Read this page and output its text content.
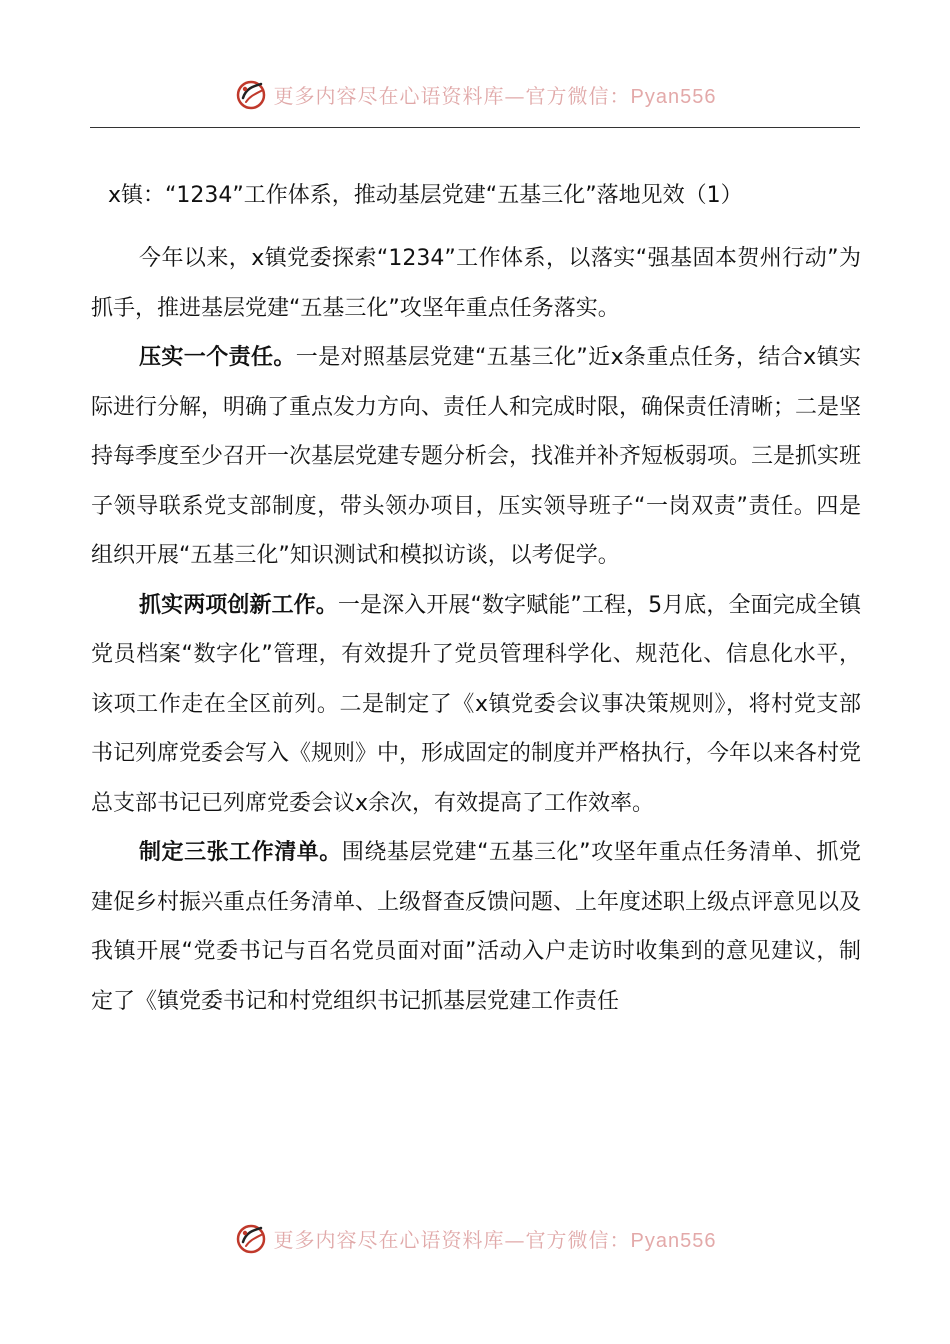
更多内容尽在心语资料库—官方微信：Pyan556
x镇：“1234”工作体系，推动基层党建“五基三化”落地见效（1）

今年以来，x镇党委探索“1234”工作体系，以落实“强基固本贺州行动”为抓手，推进基层党建“五基三化”攻坚年重点任务落实。

压实一个责任。一是对照基层党建“五基三化”近x条重点任务，结合x镇实际进行分解，明确了重点发力方向、责任人和完成时限，确保责任清晰；二是坚持每季度至少召开一次基层党建专题分析会，找准并补齐短板弱项。三是抓实班子领导联系党支部制度，带头领办项目，压实领导班子“一岗双责”责任。四是组织开展“五基三化”知识测试和模拟访谈，以考促学。

抓实两项创新工作。一是深入开展“数字赋能”工程，5月底，全面完成全镇党员档案“数字化”管理，有效提升了党员管理科学化、规范化、信息化水平，该项工作走在全区前列。二是制定了《x镇党委会议事决策规则》，将村党支部书记列席党委会写入《规则》中，形成固定的制度并严格执行，今年以来各村党总支部书记已列席党委会议x余次，有效提高了工作效率。

制定三张工作清单。围绕基层党建“五基三化”攻坚年重点任务清单、抓党建促乡村振兴重点任务清单、上级督查反馈问题、上年度述职上级点评意见以及我镇开展“党委书记与百名党员面对面”活动入户走访时收集到的意见建议，制定了《镇党委书记和村党组织书记抓基层党建工作责任

更多内容尽在心语资料库—官方微信：Pyan556
